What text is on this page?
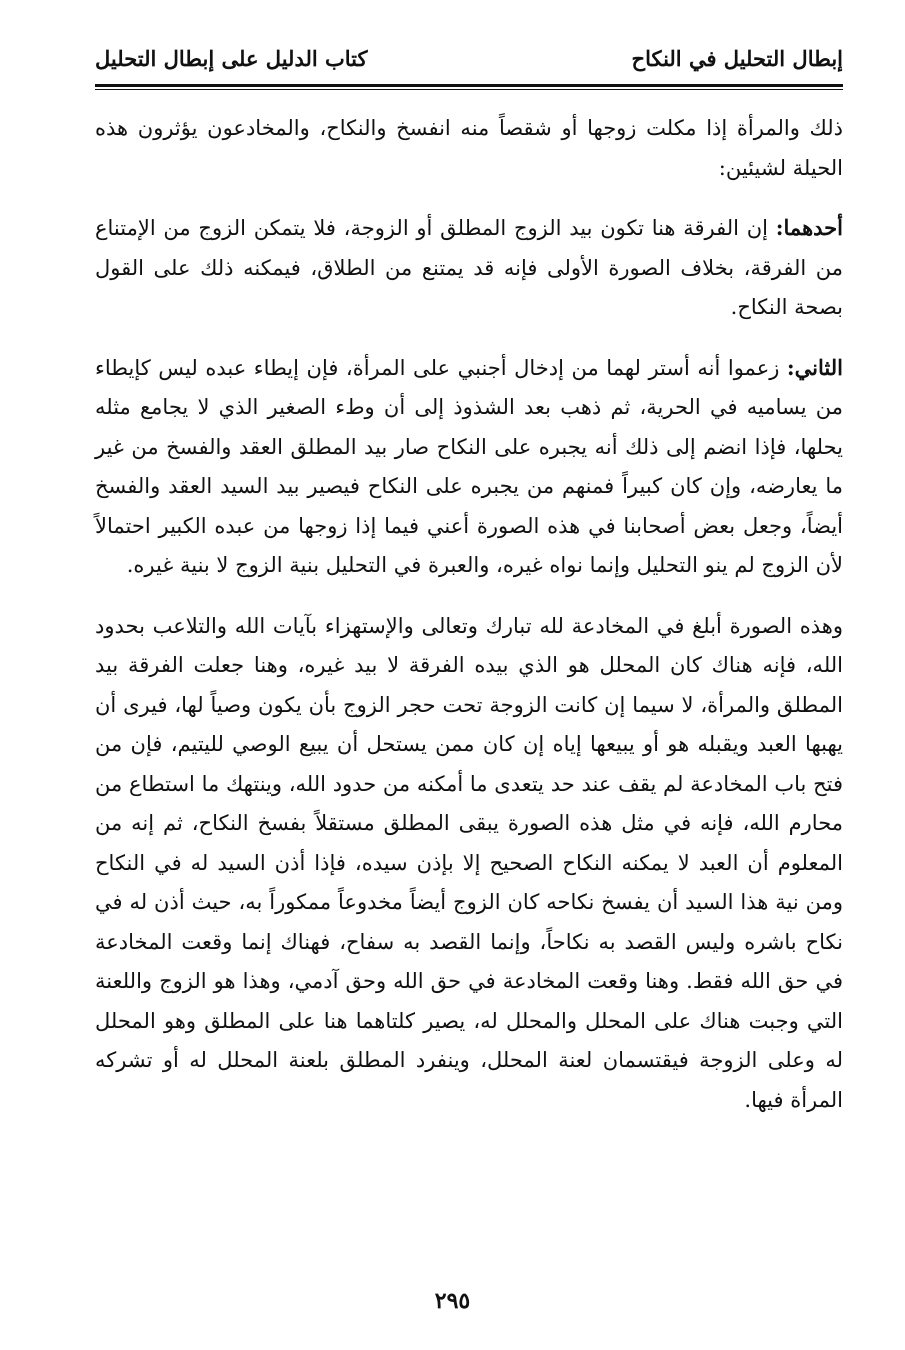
إبطال التحليل في النكاح
كتاب الدليل على إبطال التحليل

ذلك والمرأة إذا مكلت زوجها أو شقصاً منه انفسخ والنكاح، والمخادعون يؤثرون هذه الحيلة لشيئين:

أحدهما: إن الفرقة هنا تكون بيد الزوج المطلق أو الزوجة، فلا يتمكن الزوج من الإمتناع من الفرقة، بخلاف الصورة الأولى فإنه قد يمتنع من الطلاق، فيمكنه ذلك على القول بصحة النكاح.

الثاني: زعموا أنه أستر لهما من إدخال أجنبي على المرأة، فإن إيطاء عبده ليس كإيطاء من يساميه في الحرية، ثم ذهب بعد الشذوذ إلى أن وطء الصغير الذي لا يجامع مثله يحلها، فإذا انضم إلى ذلك أنه يجبره على النكاح صار بيد المطلق العقد والفسخ من غير ما يعارضه، وإن كان كبيراً فمنهم من يجبره على النكاح فيصير بيد السيد العقد والفسخ أيضاً، وجعل بعض أصحابنا في هذه الصورة أعني فيما إذا زوجها من عبده الكبير احتمالاً لأن الزوج لم ينو التحليل وإنما نواه غيره، والعبرة في التحليل بنية الزوج لا بنية غيره.

وهذه الصورة أبلغ في المخادعة لله تبارك وتعالى والإستهزاء بآيات الله والتلاعب بحدود الله، فإنه هناك كان المحلل هو الذي بيده الفرقة لا بيد غيره، وهنا جعلت الفرقة بيد المطلق والمرأة، لا سيما إن كانت الزوجة تحت حجر الزوج بأن يكون وصياً لها، فيرى أن يهبها العبد ويقبله هو أو يبيعها إياه إن كان ممن يستحل أن يبيع الوصي لليتيم، فإن من فتح باب المخادعة لم يقف عند حد يتعدى ما أمكنه من حدود الله، وينتهك ما استطاع من محارم الله، فإنه في مثل هذه الصورة يبقى المطلق مستقلاً بفسخ النكاح، ثم إنه من المعلوم أن العبد لا يمكنه النكاح الصحيح إلا بإذن سيده، فإذا أذن السيد له في النكاح ومن نية هذا السيد أن يفسخ نكاحه كان الزوج أيضاً مخدوعاً ممكوراً به، حيث أذن له في نكاح باشره وليس القصد به نكاحاً، وإنما القصد به سفاح، فهناك إنما وقعت المخادعة في حق الله فقط. وهنا وقعت المخادعة في حق الله وحق آدمي، وهذا هو الزوج واللعنة التي وجبت هناك على المحلل والمحلل له، يصير كلتاهما هنا على المطلق وهو المحلل له وعلى الزوجة فيقتسمان لعنة المحلل، وينفرد المطلق بلعنة المحلل له أو تشركه المرأة فيها.

٢٩٥
